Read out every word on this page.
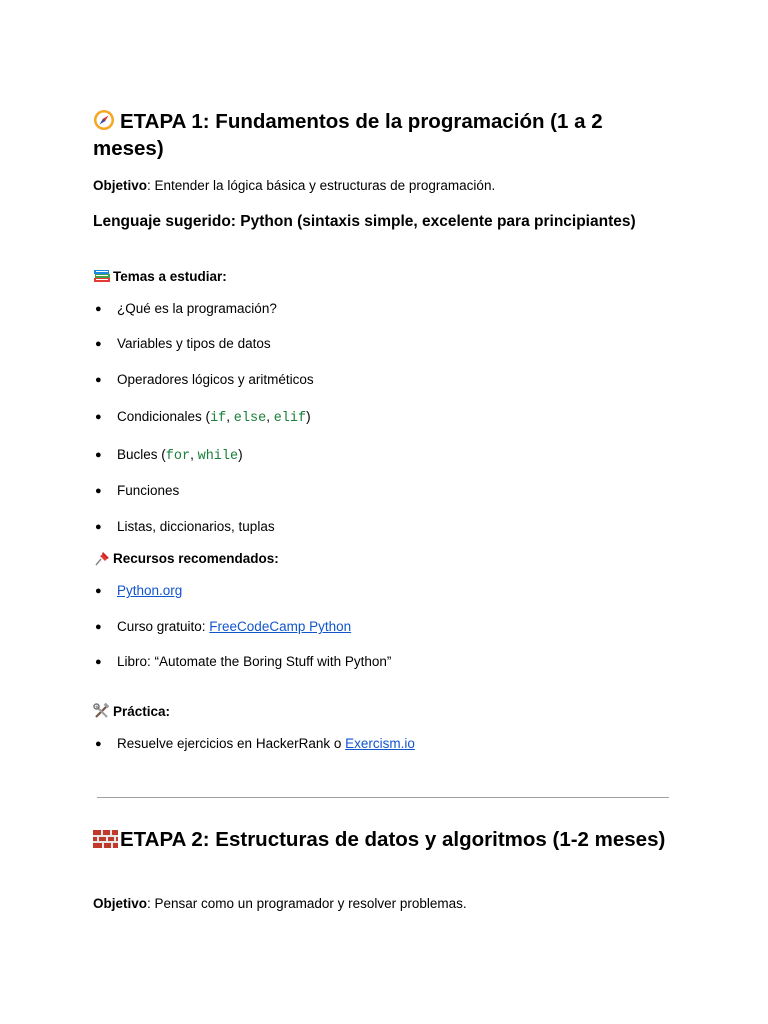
ETAPA 1: Fundamentos de la programación (1 a 2 meses)

Objetivo: Entender la lógica básica y estructuras de programación.

Lenguaje sugerido: Python (sintaxis simple, excelente para principiantes)

Temas a estudiar:

● ¿Qué es la programación?
● Variables y tipos de datos
● Operadores lógicos y aritméticos
● Condicionales (if, else, elif)
● Bucles (for, while)
● Funciones
● Listas, diccionarios, tuplas

Recursos recomendados:

● Python.org
● Curso gratuito: FreeCodeCamp Python
● Libro: “Automate the Boring Stuff with Python”

Práctica:

● Resuelve ejercicios en HackerRank o Exercism.io
ETAPA 2: Estructuras de datos y algoritmos (1-2 meses)

Objetivo: Pensar como un programador y resolver problemas.
